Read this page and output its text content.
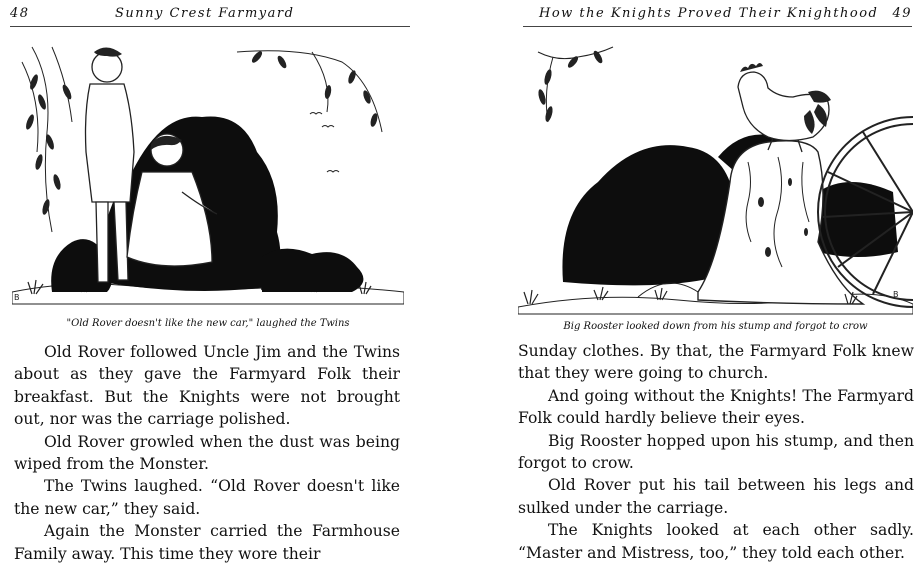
48	Sunny Crest Farmyard
B
"Old Rover doesn't like the new car," laughed the Twins

Old Rover followed Uncle Jim and the Twins about as they gave the Farmyard Folk their breakfast. But the Knights were not brought out, nor was the carriage polished.

Old Rover growled when the dust was being wiped from the Monster.

The Twins laughed. “Old Rover doesn't like the new car,” they said.

Again the Monster carried the Farmhouse Family away. This time they wore their

How the Knights Proved Their Knighthood 49
B
Big Rooster looked down from his stump and forgot to crow

Sunday clothes. By that, the Farmyard Folk knew that they were going to church.

And going without the Knights! The Farmyard Folk could hardly believe their eyes.

Big Rooster hopped upon his stump, and then forgot to crow.

Old Rover put his tail between his legs and sulked under the carriage.

The Knights looked at each other sadly. “Master and Mistress, too,” they told each other.
